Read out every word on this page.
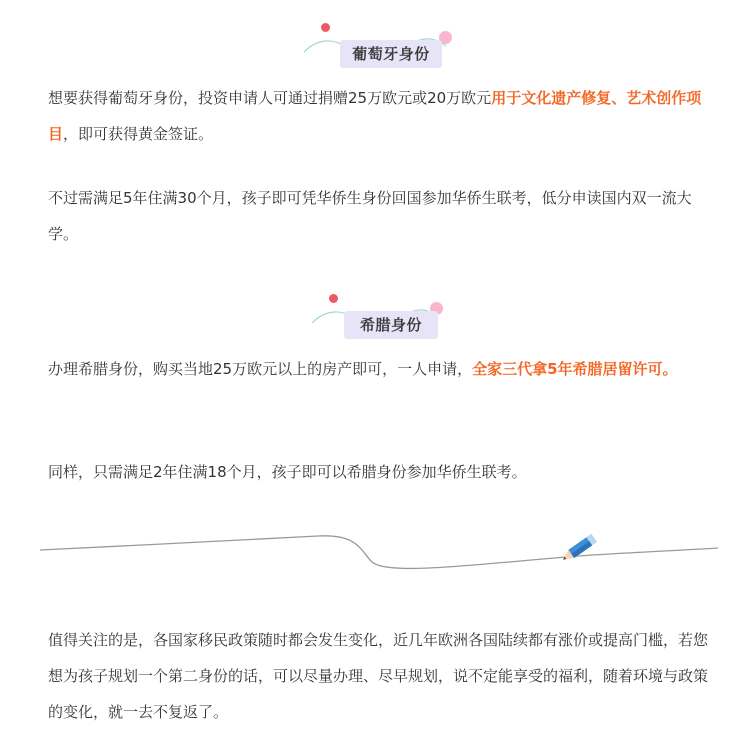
葡萄牙身份

想要获得葡萄牙身份，投资申请人可通过捐赠25万欧元或20万欧元用于文化遗产修复、艺术创作项目，即可获得黄金签证。

不过需满足5年住满30个月，孩子即可凭华侨生身份回国参加华侨生联考，低分申读国内双一流大学。

希腊身份

办理希腊身份，购买当地25万欧元以上的房产即可，一人申请，全家三代拿5年希腊居留许可。

同样，只需满足2年住满18个月，孩子即可以希腊身份参加华侨生联考。

值得关注的是，各国家移民政策随时都会发生变化，近几年欧洲各国陆续都有涨价或提高门槛，若您想为孩子规划一个第二身份的话，可以尽量办理、尽早规划，说不定能享受的福利，随着环境与政策的变化，就一去不复返了。
